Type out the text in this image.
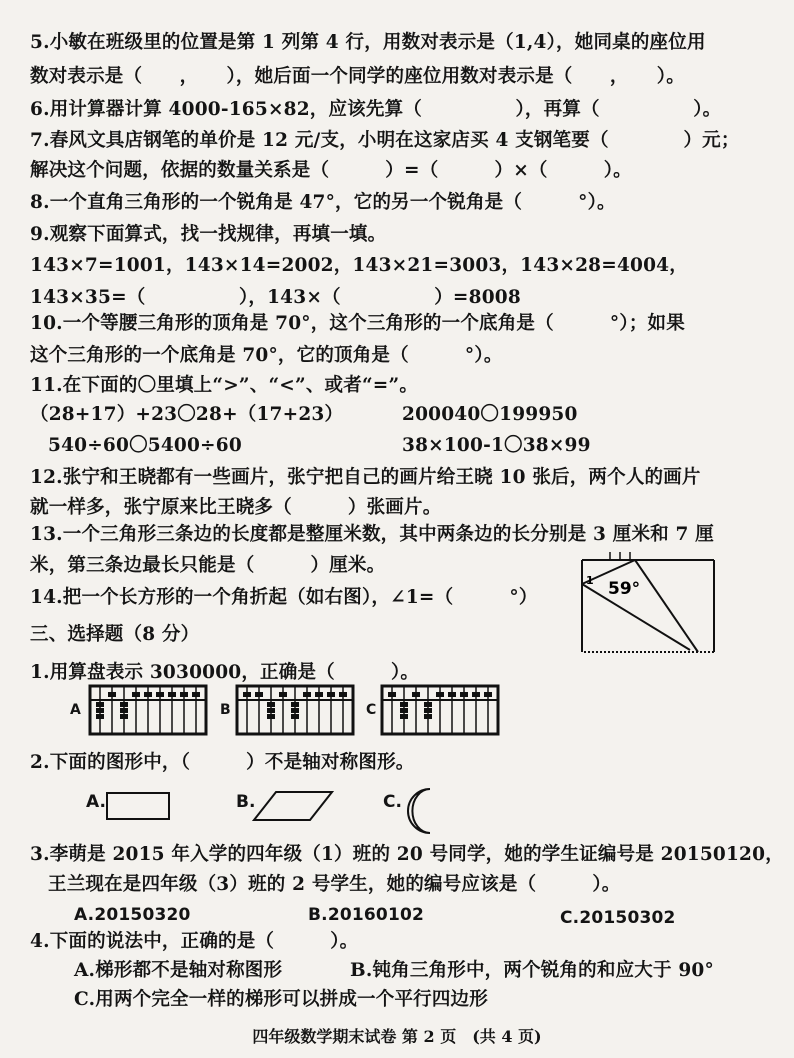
5.小敏在班级里的位置是第 1 列第 4 行，用数对表示是（1,4），她同桌的座位用
数对表示是（　　，　　），她后面一个同学的座位用数对表示是（　　，　　）。
6.用计算器计算 4000-165×82，应该先算（　　　　　），再算（　　　　　）。
7.春风文具店钢笔的单价是 12 元/支，小明在这家店买 4 支钢笔要（　　　　）元；
解决这个问题，依据的数量关系是（　　　）=（　　　）×（　　　）。
8.一个直角三角形的一个锐角是 47°，它的另一个锐角是（　　　°）。
9.观察下面算式，找一找规律，再填一填。
143×7=1001，143×14=2002，143×21=3003，143×28=4004，
143×35=（　　　　　），143×（　　　　　）=8008
10.一个等腰三角形的顶角是 70°，这个三角形的一个底角是（　　　°）；如果
这个三角形的一个底角是 70°，它的顶角是（　　　°）。
11.在下面的〇里填上“>”、“<”、或者“=”。
（28+17）+23〇28+（17+23）	200040〇199950
540÷60〇5400÷60	38×100-1〇38×99
12.张宁和王晓都有一些画片，张宁把自己的画片给王晓 10 张后，两个人的画片
就一样多，张宁原来比王晓多（　　　）张画片。
13.一个三角形三条边的长度都是整厘米数，其中两条边的长分别是 3 厘米和 7 厘
米，第三条边最长只能是（　　　）厘米。
14.把一个长方形的一个角折起（如右图），∠1=（　　　°）
1 59°
三、选择题（8 分）
1.用算盘表示 3030000，正确是（　　　）。
A	B	C
2.下面的图形中，（　　　）不是轴对称图形。
A.	B.	C.
3.李萌是 2015 年入学的四年级（1）班的 20 号同学，她的学生证编号是 20150120，
王兰现在是四年级（3）班的 2 号学生，她的编号应该是（　　　）。
A.20150320	B.20160102	C.20150302
4.下面的说法中，正确的是（　　　）。
A.梯形都不是轴对称图形	B.钝角三角形中，两个锐角的和应大于 90°
C.用两个完全一样的梯形可以拼成一个平行四边形
四年级数学期末试卷 第 2 页　(共 4 页)
